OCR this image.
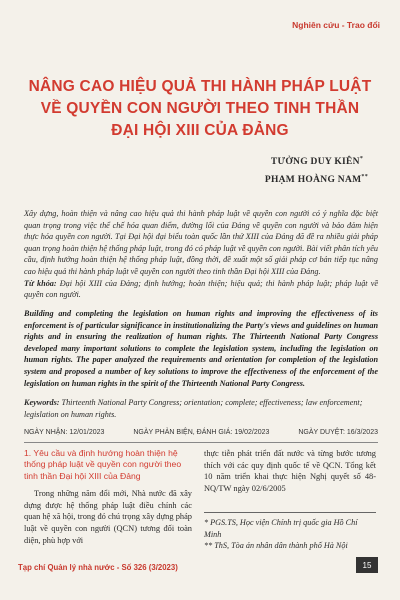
Nghiên cứu - Trao đổi
NÂNG CAO HIỆU QUẢ THI HÀNH PHÁP LUẬT
VỀ QUYỀN CON NGƯỜI THEO TINH THẦN
ĐẠI HỘI XIII CỦA ĐẢNG
TƯỞNG DUY KIÊN*
PHẠM HOÀNG NAM**
Xây dựng, hoàn thiện và nâng cao hiệu quả thi hành pháp luật về quyền con người có ý nghĩa đặc biệt quan trọng trong việc thể chế hóa quan điểm, đường lối của Đảng về quyền con người và bảo đảm hiện thực hóa quyền con người. Tại Đại hội đại biểu toàn quốc lần thứ XIII của Đảng đã đề ra nhiều giải pháp quan trọng hoàn thiện hệ thống pháp luật, trong đó có pháp luật về quyền con người. Bài viết phân tích yêu cầu, định hướng hoàn thiện hệ thống pháp luật, đồng thời, đề xuất một số giải pháp cơ bản tiếp tục nâng cao hiệu quả thi hành pháp luật về quyền con người theo tinh thần Đại hội XIII của Đảng.
Từ khóa: Đại hội XIII của Đảng; định hướng; hoàn thiện; hiệu quả; thi hành pháp luật; pháp luật về quyền con người.
Building and completing the legislation on human rights and improving the effectiveness of its enforcement is of particular significance in institutionalizing the Party's views and guidelines on human rights and in ensuring the realization of human rights. The Thirteenth National Party Congress developed many important solutions to complete the legislation system, including the legislation on human rights. The paper analyzed the requirements and orientation for completion of the legislation system and proposed a number of key solutions to improve the effectiveness of the enforcement of the legislation on human rights in the spirit of the Thirteenth National Party Congress.
Keywords: Thirteenth National Party Congress; orientation; complete; effectiveness; law enforcement; legislation on human rights.
NGÀY NHẬN: 12/01/2023	NGÀY PHẢN BIỆN, ĐÁNH GIÁ: 19/02/2023	NGÀY DUYỆT: 16/3/2023
1. Yêu cầu và định hướng hoàn thiện hệ thống pháp luật về quyền con người theo tinh thần Đại hội XIII của Đảng
Trong những năm đổi mới, Nhà nước đã xây dựng được hệ thống pháp luật điều chỉnh các quan hệ xã hội, trong đó chú trọng xây dựng pháp luật về quyền con người (QCN) tương đối toàn diện, phù hợp với
thực tiễn phát triển đất nước và từng bước tương thích với các quy định quốc tế về QCN. Tổng kết 10 năm triển khai thực hiện Nghị quyết số 48-NQ/TW ngày 02/6/2005
* PGS.TS, Học viện Chính trị quốc gia Hồ Chí Minh
** ThS, Tòa án nhân dân thành phố Hà Nội
Tạp chí Quản lý nhà nước - Số 326 (3/2023)	15
